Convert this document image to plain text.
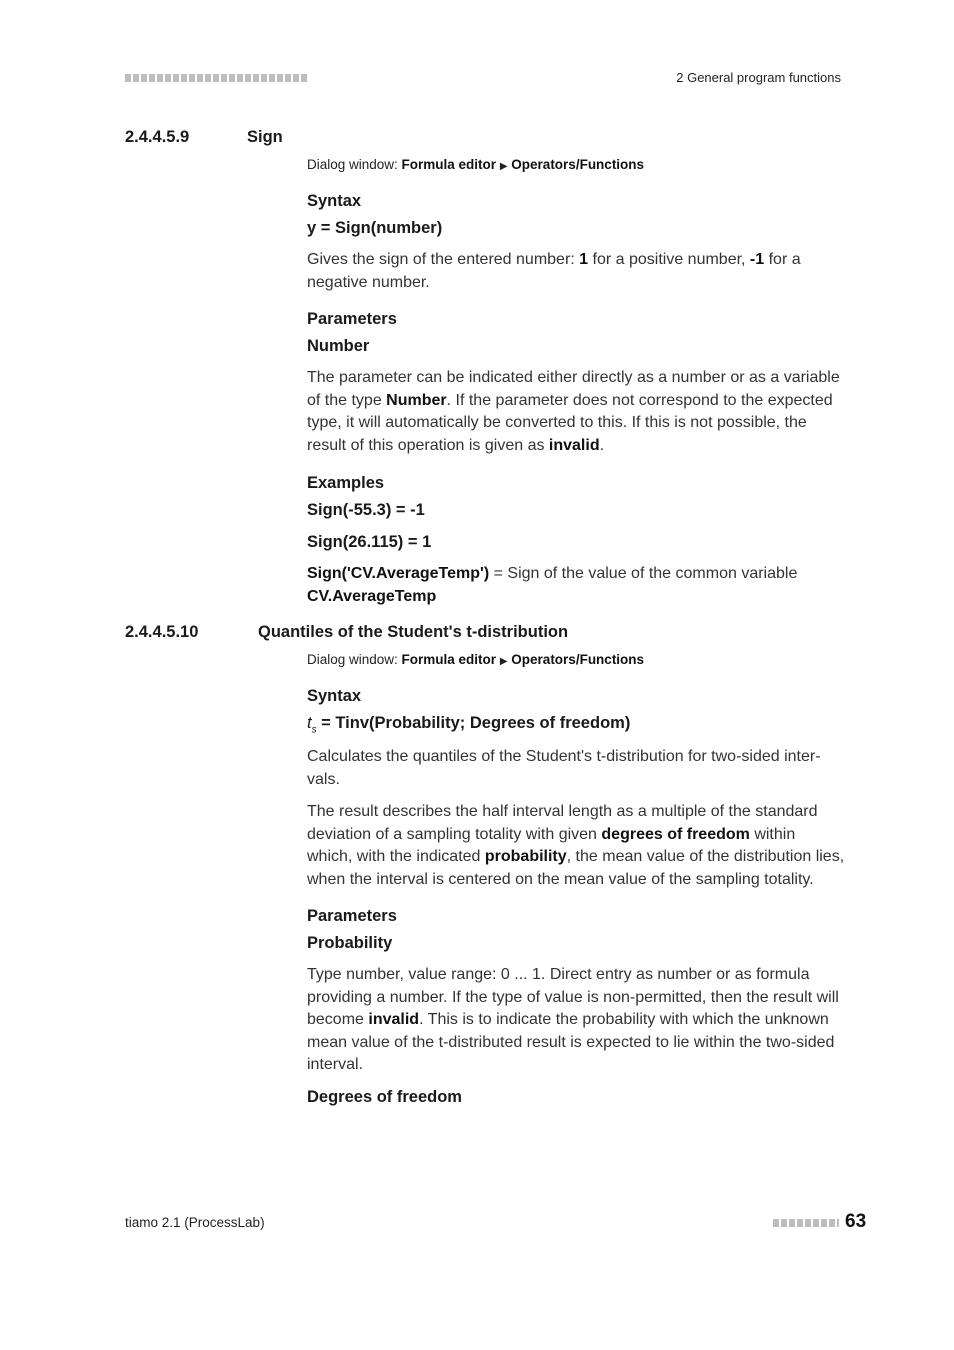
2 General program functions
2.4.4.5.9	Sign
Dialog window: Formula editor ▶ Operators/Functions

Syntax

y = Sign(number)

Gives the sign of the entered number: 1 for a positive number, -1 for a negative number.

Parameters

Number

The parameter can be indicated either directly as a number or as a variable of the type Number. If the parameter does not correspond to the expected type, it will automatically be converted to this. If this is not possible, the result of this operation is given as invalid.

Examples

Sign(-55.3) = -1

Sign(26.115) = 1

Sign('CV.AverageTemp') = Sign of the value of the common variable CV.AverageTemp

2.4.4.5.10	Quantiles of the Student's t-distribution
Dialog window: Formula editor ▶ Operators/Functions

Syntax

$t_s$ = Tinv(Probability; Degrees of freedom)

Calculates the quantiles of the Student's t-distribution for two-sided inter-vals.

The result describes the half interval length as a multiple of the standard deviation of a sampling totality with given degrees of freedom within which, with the indicated probability, the mean value of the distribution lies, when the interval is centered on the mean value of the sampling totality.

Parameters

Probability

Type number, value range: 0 ... 1. Direct entry as number or as formula providing a number. If the type of value is non-permitted, then the result will become invalid. This is to indicate the probability with which the unknown mean value of the t-distributed result is expected to lie within the two-sided interval.

Degrees of freedom

tiamo 2.1 (ProcessLab)	63
